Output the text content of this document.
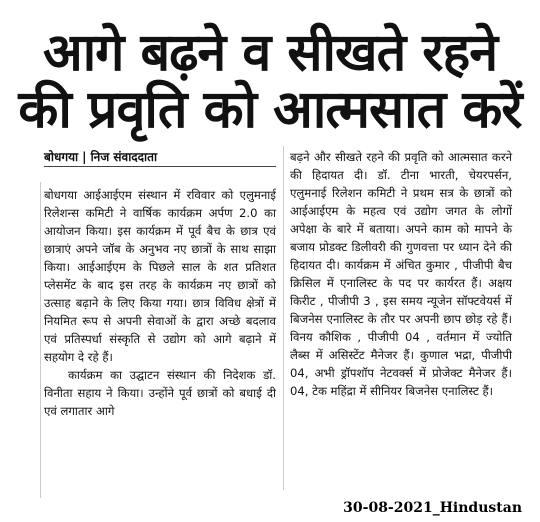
आगे बढ़ने व सीखते रहने
की प्रवृति को आत्मसात करें
बोधगया | निज संवाददाता

बोधगया आईआईएम संस्थान में रविवार को एलुमनाई रिलेशन्स कमिटी ने वार्षिक कार्यक्रम अर्पण 2.0 का आयोजन किया। इस कार्यक्रम में पूर्व बैच के छात्र एवं छात्राएं अपने जॉब के अनुभव नए छात्रों के साथ साझा किया। आईआईएम के पिछले साल के शत प्रतिशत प्लेसमेंट के बाद इस तरह के कार्यक्रम नए छात्रों को उत्साह बढ़ाने के लिए किया गया। छात्र विविध क्षेत्रों में नियमित रूप से अपनी सेवाओं के द्वारा अच्छे बदलाव एवं प्रतिस्पर्धा संस्कृति से उद्योग को आगे बढ़ाने में सहयोग दे रहे हैं।

कार्यक्रम का उद्घाटन संस्थान की निदेशक डॉ. विनीता सहाय ने किया। उन्होंने पूर्व छात्रों को बधाई दी एवं लगातार आगे

बढ़ने और सीखते रहने की प्रवृति को आत्मसात करने की हिदायत दी। डॉ. टीना भारती, चेयरपर्सन, एलुमनाई रिलेशन कमिटी ने प्रथम सत्र के छात्रों को आईआईएम के महत्व एवं उद्योग जगत के लोगों अपेक्षा के बारे में बताया। अपने काम को मापने के बजाय प्रोडक्ट डिलीवरी की गुणवत्ता पर ध्यान देने की हिदायत दी। कार्यक्रम में अंचित कुमार , पीजीपी बैच क्रिसिल में एनालिस्ट के पद पर कार्यरत हैं। अक्षय किरीट , पीजीपी 3 , इस समय न्यूजेन सॉफ्टवेयर्स में बिजनेस एनालिस्ट के तौर पर अपनी छाप छोड़ रहे हैं। विनय कौशिक , पीजीपी 04 , वर्तमान में ज्योति लैब्स में असिस्टेंट मैनेजर हैं। कुणाल भद्रा, पीजीपी 04, अभी ड्रॉपशॉप नेटवर्क्स में प्रोजेक्ट मैनेजर हैं। 04, टेक महिंद्रा में सीनियर बिजनेस एनालिस्ट हैं।

30-08-2021_Hindustan
